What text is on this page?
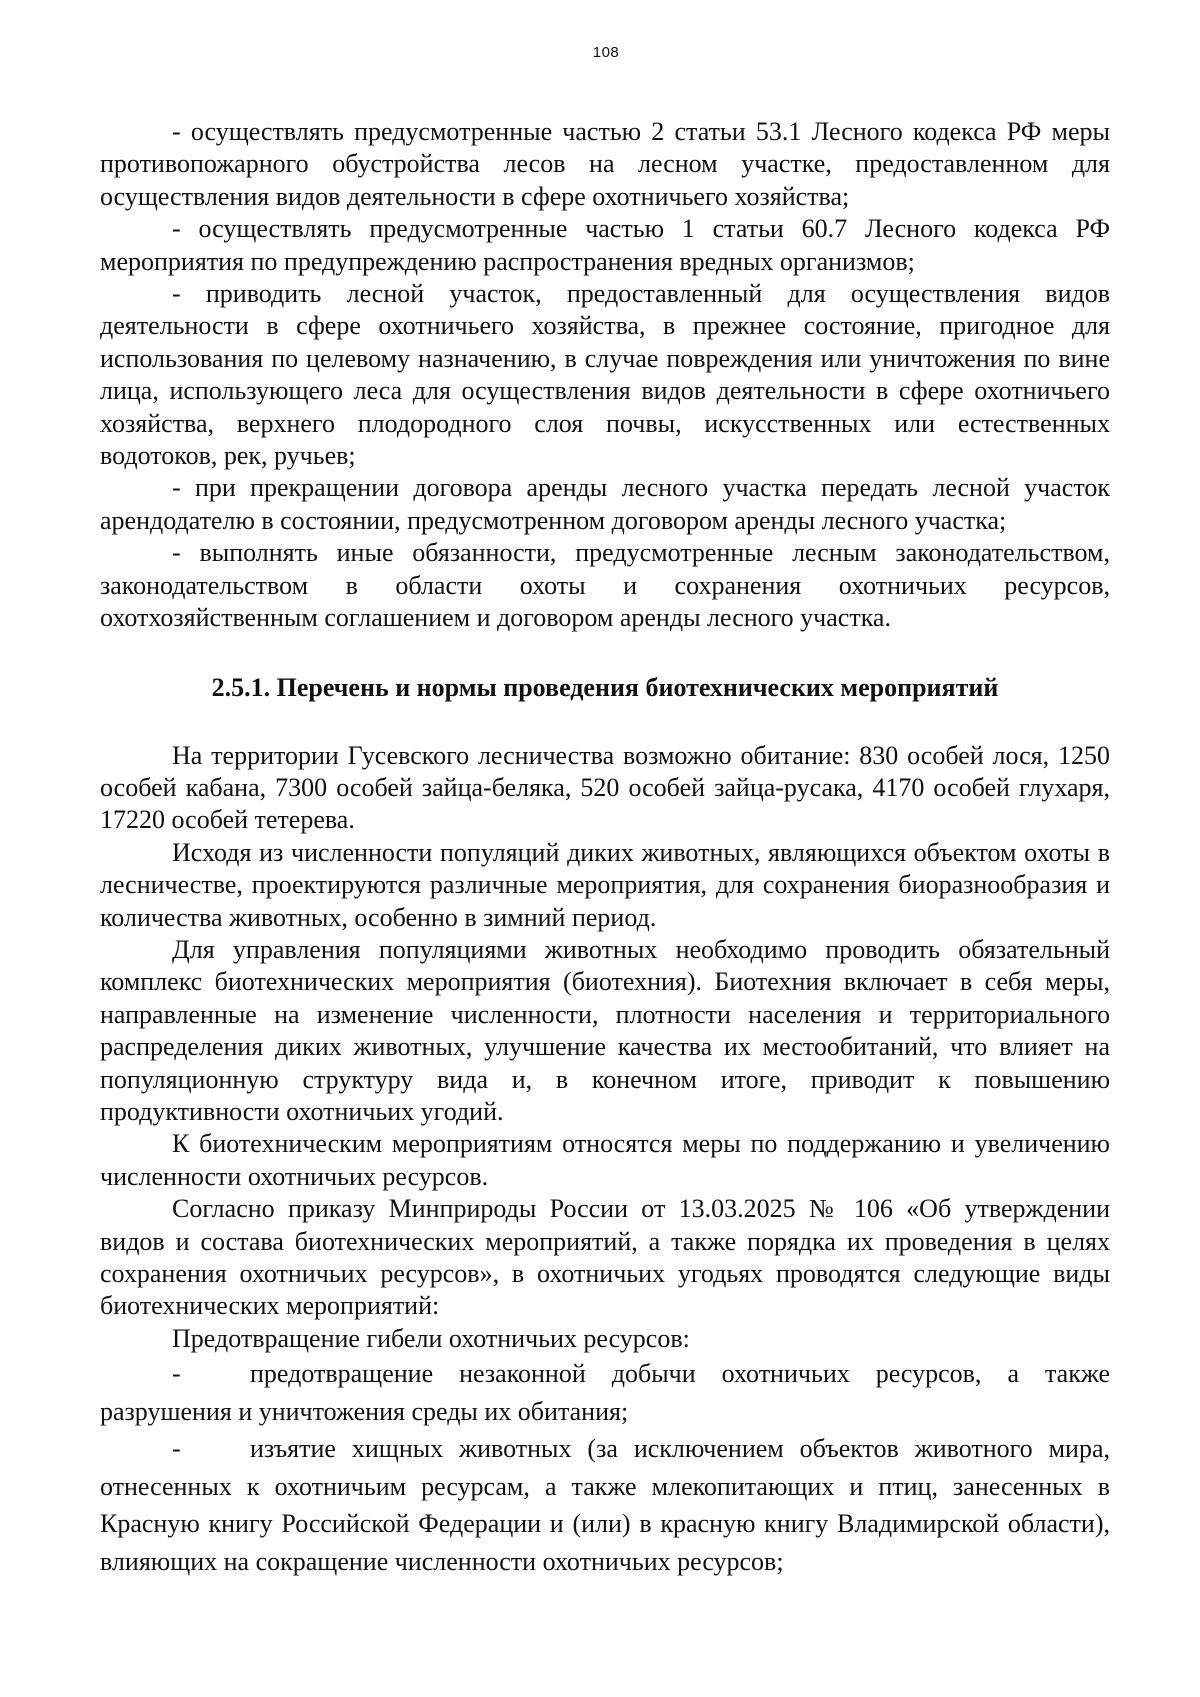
108

- осуществлять предусмотренные частью 2 статьи 53.1 Лесного кодекса РФ меры противопожарного обустройства лесов на лесном участке, предоставленном для осуществления видов деятельности в сфере охотничьего хозяйства;

- осуществлять предусмотренные частью 1 статьи 60.7 Лесного кодекса РФ мероприятия по предупреждению распространения вредных организмов;

- приводить лесной участок, предоставленный для осуществления видов деятельности в сфере охотничьего хозяйства, в прежнее состояние, пригодное для использования по целевому назначению, в случае повреждения или уничтожения по вине лица, использующего леса для осуществления видов деятельности в сфере охотничьего хозяйства, верхнего плодородного слоя почвы, искусственных или естественных водотоков, рек, ручьев;

- при прекращении договора аренды лесного участка передать лесной участок арендодателю в состоянии, предусмотренном договором аренды лесного участка;

- выполнять иные обязанности, предусмотренные лесным законодательством, законодательством в области охоты и сохранения охотничьих ресурсов, охотхозяйственным соглашением и договором аренды лесного участка.

2.5.1. Перечень и нормы проведения биотехнических мероприятий

На территории Гусевского лесничества возможно обитание: 830 особей лося, 1250 особей кабана, 7300 особей зайца-беляка, 520 особей зайца-русака, 4170 особей глухаря, 17220 особей тетерева.

Исходя из численности популяций диких животных, являющихся объектом охоты в лесничестве, проектируются различные мероприятия, для сохранения биоразнообразия и количества животных, особенно в зимний период.

Для управления популяциями животных необходимо проводить обязательный комплекс биотехнических мероприятия (биотехния). Биотехния включает в себя меры, направленные на изменение численности, плотности населения и территориального распределения диких животных, улучшение качества их местообитаний, что влияет на популяционную структуру вида и, в конечном итоге, приводит к повышению продуктивности охотничьих угодий.

К биотехническим мероприятиям относятся меры по поддержанию и увеличению численности охотничьих ресурсов.

Согласно приказу Минприроды России от 13.03.2025 № 106 «Об утверждении видов и состава биотехнических мероприятий, а также порядка их проведения в целях сохранения охотничьих ресурсов», в охотничьих угодьях проводятся следующие виды биотехнических мероприятий:

Предотвращение гибели охотничьих ресурсов:

-	предотвращение незаконной добычи охотничьих ресурсов, а также разрушения и уничтожения среды их обитания;

-	изъятие хищных животных (за исключением объектов животного мира, отнесенных к охотничьим ресурсам, а также млекопитающих и птиц, занесенных в Красную книгу Российской Федерации и (или) в красную книгу Владимирской области), влияющих на сокращение численности охотничьих ресурсов;
